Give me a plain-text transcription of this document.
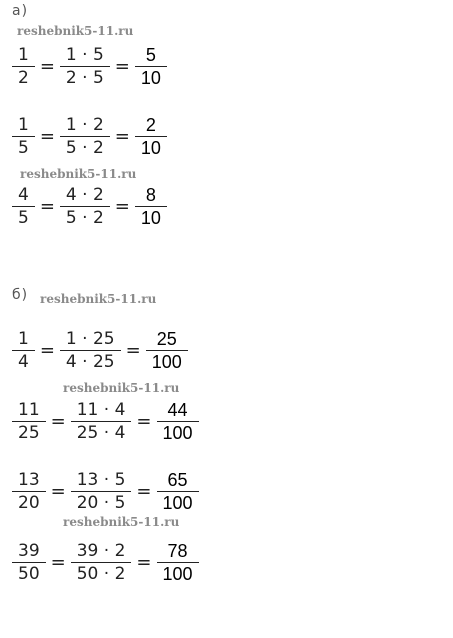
а)
б)
reshebnik5-11.ru
reshebnik5-11.ru
reshebnik5-11.ru
reshebnik5-11.ru
reshebnik5-11.ru
$\frac{1}{2} = \frac{1 \cdot 5}{2 \cdot 5} = \frac{5}{10}$
$\frac{1}{5} = \frac{1 \cdot 2}{5 \cdot 2} = \frac{2}{10}$
$\frac{4}{5} = \frac{4 \cdot 2}{5 \cdot 2} = \frac{8}{10}$
$\frac{1}{4} = \frac{1 \cdot 25}{4 \cdot 25} = \frac{25}{100}$
$\frac{11}{25} = \frac{11 \cdot 4}{25 \cdot 4} = \frac{44}{100}$
$\frac{13}{20} = \frac{13 \cdot 5}{20 \cdot 5} = \frac{65}{100}$
$\frac{39}{50} = \frac{39 \cdot 2}{50 \cdot 2} = \frac{78}{100}$
